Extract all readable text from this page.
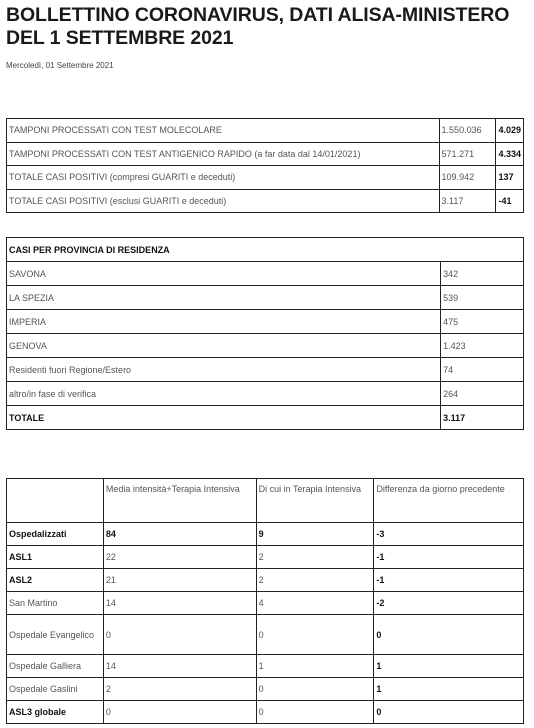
BOLLETTINO CORONAVIRUS, DATI ALISA-MINISTERO DEL 1 SETTEMBRE 2021
Mercoledì, 01 Settembre 2021
TAMPONI PROCESSATI CON TEST MOLECOLARE	1.550.036	4.029
TAMPONI PROCESSATI CON TEST ANTIGENICO RAPIDO (a far data dal 14/01/2021)	571.271	4.334
TOTALE CASI POSITIVI (compresi GUARITI e deceduti)	109.942	137
TOTALE CASI POSITIVI (esclusi GUARITI e deceduti)	3.117	-41
CASI PER PROVINCIA DI RESIDENZA	
SAVONA	342
LA SPEZIA	539
IMPERIA	475
GENOVA	1.423
Residenti fuori Regione/Estero	74
altro/in fase di verifica	264
TOTALE	3.117
	Media intensità+Terapia Intensiva	Di cui in Terapia Intensiva	Differenza da giorno precedente
Ospedalizzati	84	9	-3
ASL1	22	2	-1
ASL2	21	2	-1
San Martino	14	4	-2
Ospedale Evangelico	0	0	0
Ospedale Galliera	14	1	1
Ospedale Gaslini	2	0	1
ASL3 globale	0	0	0
